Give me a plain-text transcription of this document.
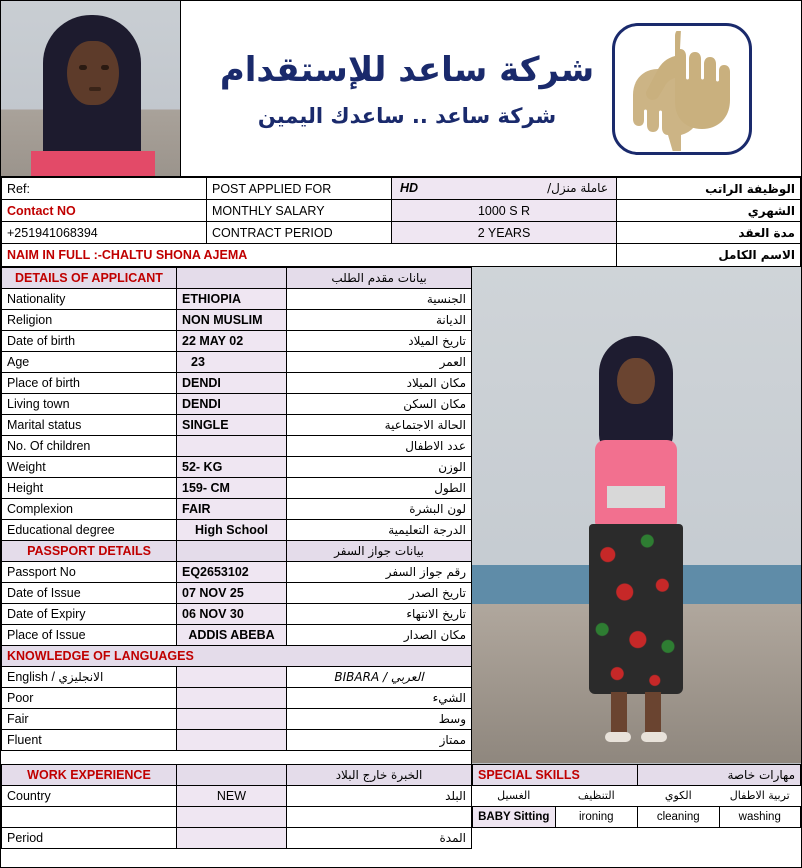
شركة ساعد للإستقدام
شركة ساعد .. ساعدك اليمين
Ref:	POST APPLIED FOR	HD عاملة منزل/	الوظيفة الراتب
Contact NO	MONTHLY SALARY	1000 S R	الشهري
+251941068394	CONTRACT PERIOD	2 YEARS	مدة العقد
NAIM IN FULL :-CHALTU SHONA AJEMA	الاسم الكامل
DETAILS OF APPLICANT		بيانات مقدم الطلب
Nationality	ETHIOPIA	الجنسية
Religion	NON MUSLIM	الديانة
Date of birth	22 MAY 02	تاريخ الميلاد
Age	23	العمر
Place of birth	DENDI	مكان الميلاد
Living town	DENDI	مكان السكن
Marital status	SINGLE	الحالة الاجتماعية
No. Of children		عدد الاطفال
Weight	52- KG	الوزن
Height	159- CM	الطول
Complexion	FAIR	لون البشرة
Educational degree	High School	الدرجة التعليمية
PASSPORT DETAILS		بيانات جواز السفر
Passport No	EQ2653102	رقم جواز السفر
Date of Issue	07 NOV 25	تاريخ الصدر
Date of Expiry	06 NOV 30	تاريخ الانتهاء
Place of Issue	ADDIS ABEBA	مكان الصدار
KNOWLEDGE OF LANGUAGES		
English / الانجليزي		العربي / BIBARA
Poor		الشيء
Fair		وسط
Fluent		ممتاز
WORK EXPERIENCE		الخبرة خارج البلاد
Country	NEW	البلد

Period		المدة
SPECIAL SKILLS		مهارات خاصة	
الغسيل	التنظيف	الكوي	تربية الاطفال
BABY Sitting	ironing	cleaning	washing
